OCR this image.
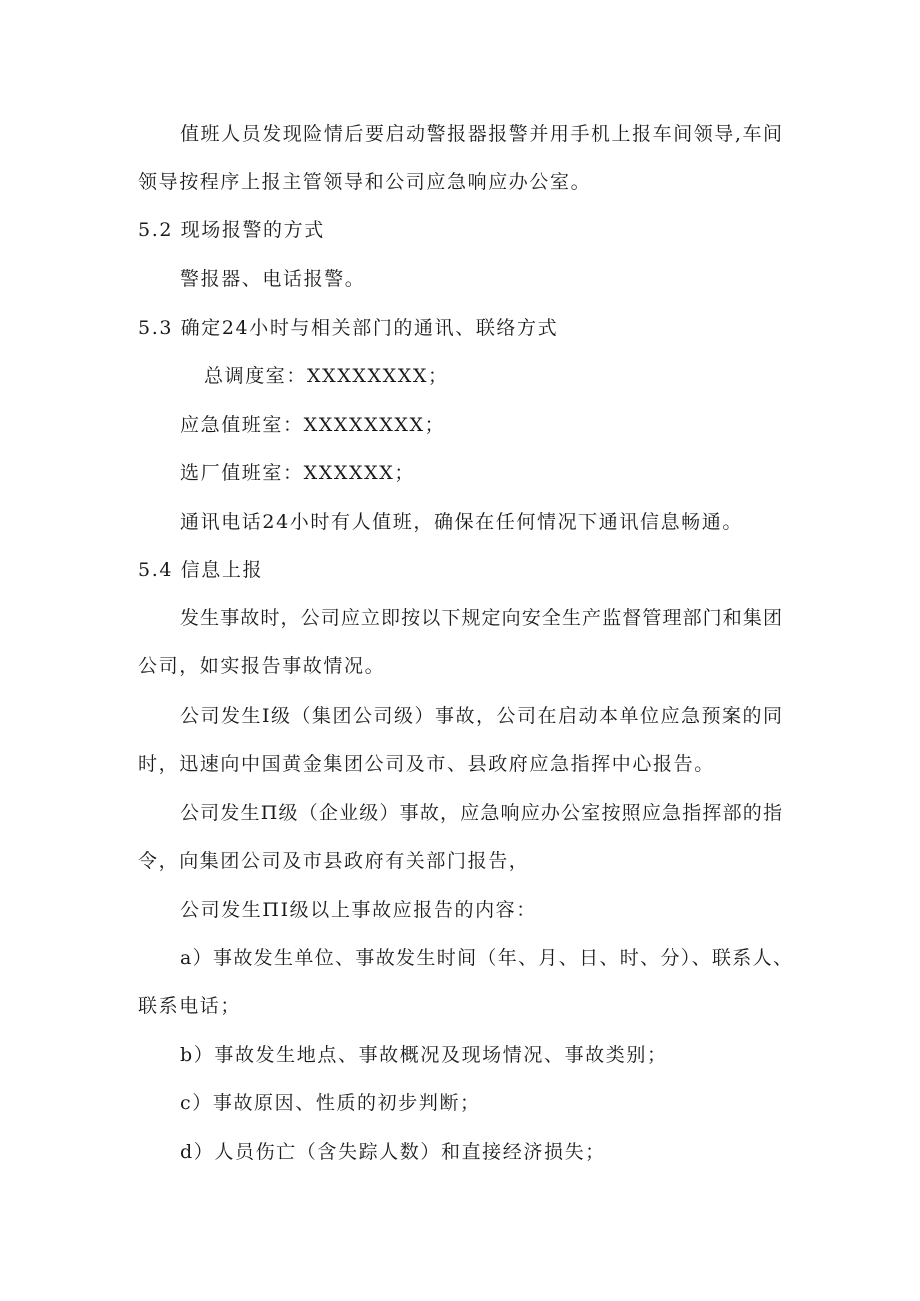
值班人员发现险情后要启动警报器报警并用手机上报车间领导,车间
领导按程序上报主管领导和公司应急响应办公室。
5.2 现场报警的方式
警报器、电话报警。
5.3 确定24小时与相关部门的通讯、联络方式
总调度室：XXXXXXXX；
应急值班室：XXXXXXXX；
选厂值班室：XXXXXX；
通讯电话24小时有人值班，确保在任何情况下通讯信息畅通。
5.4 信息上报
发生事故时，公司应立即按以下规定向安全生产监督管理部门和集团
公司，如实报告事故情况。
公司发生Ⅰ级（集团公司级）事故，公司在启动本单位应急预案的同
时，迅速向中国黄金集团公司及市、县政府应急指挥中心报告。
公司发生Π级（企业级）事故，应急响应办公室按照应急指挥部的指
令，向集团公司及市县政府有关部门报告，
公司发生ΠⅠ级以上事故应报告的内容：
a）事故发生单位、事故发生时间（年、月、日、时、分）、联系人、
联系电话；
b）事故发生地点、事故概况及现场情况、事故类别；
c）事故原因、性质的初步判断；
d）人员伤亡（含失踪人数）和直接经济损失；
